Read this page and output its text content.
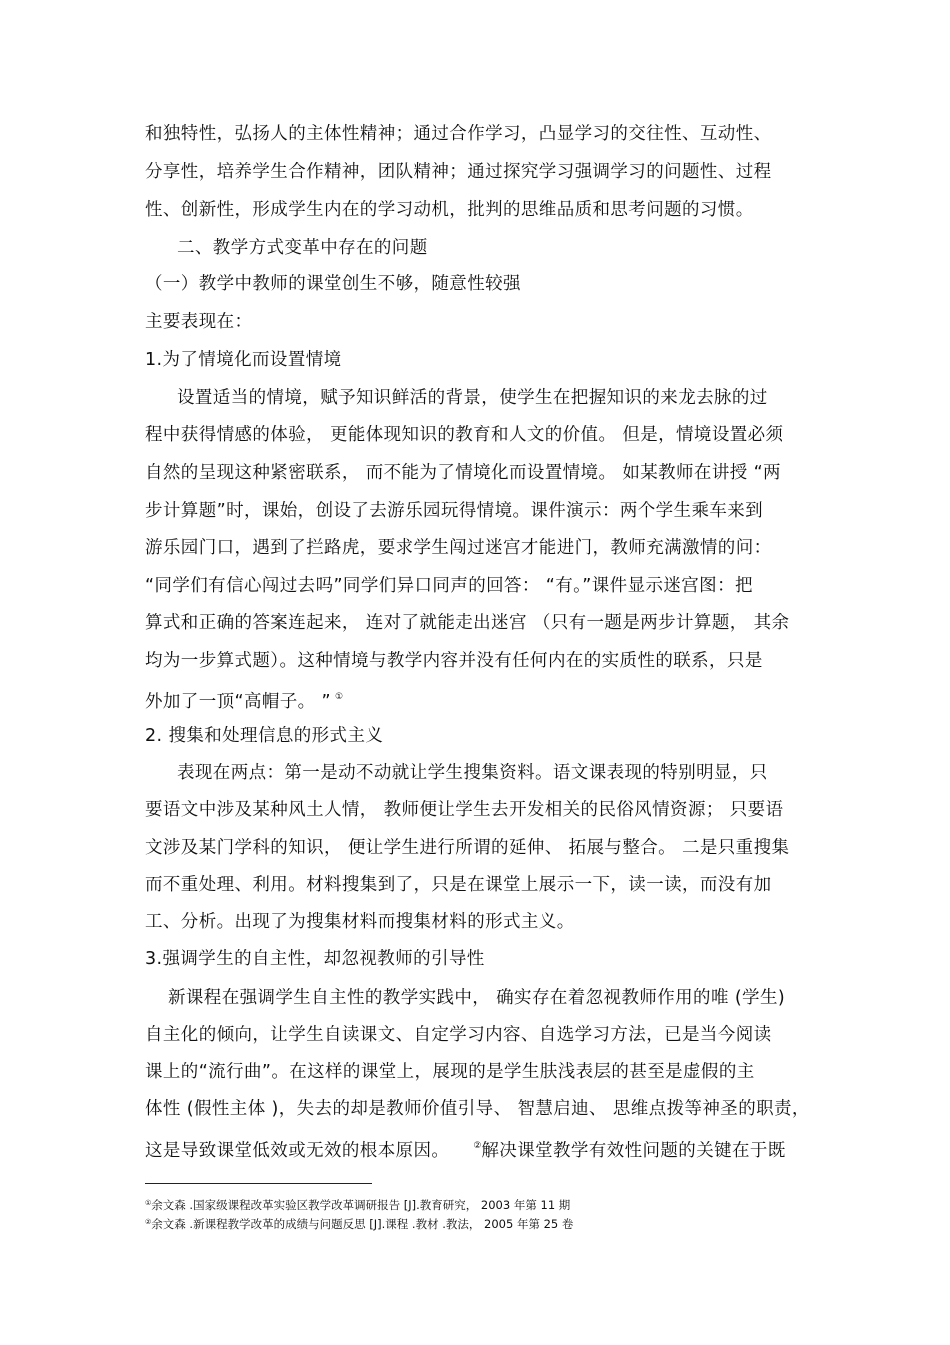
和独特性，弘扬人的主体性精神；通过合作学习，凸显学习的交往性、互动性、
分享性，培养学生合作精神，团队精神；通过探究学习强调学习的问题性、过程
性、创新性，形成学生内在的学习动机，批判的思维品质和思考问题的习惯。
二、教学方式变革中存在的问题
（一）教学中教师的课堂创生不够，随意性较强
主要表现在：
1.为了情境化而设置情境
设置适当的情境，赋予知识鲜活的背景，使学生在把握知识的来龙去脉的过
程中获得情感的体验， 更能体现知识的教育和人文的价值。 但是，情境设置必须
自然的呈现这种紧密联系， 而不能为了情境化而设置情境。 如某教师在讲授 “两
步计算题”时，课始，创设了去游乐园玩得情境。课件演示：两个学生乘车来到
游乐园门口，遇到了拦路虎，要求学生闯过迷宫才能进门，教师充满激情的问：
“同学们有信心闯过去吗”同学们异口同声的回答： “有。”课件显示迷宫图：把
算式和正确的答案连起来， 连对了就能走出迷宫 （只有一题是两步计算题， 其余
均为一步算式题）。这种情境与教学内容并没有任何内在的实质性的联系，只是
外加了一顶“高帽子。 ” ①
2. 搜集和处理信息的形式主义
表现在两点：第一是动不动就让学生搜集资料。语文课表现的特别明显，只
要语文中涉及某种风土人情， 教师便让学生去开发相关的民俗风情资源； 只要语
文涉及某门学科的知识， 便让学生进行所谓的延伸、 拓展与整合。 二是只重搜集
而不重处理、利用。材料搜集到了，只是在课堂上展示一下，读一读，而没有加
工、分析。出现了为搜集材料而搜集材料的形式主义。
3.强调学生的自主性，却忽视教师的引导性
新课程在强调学生自主性的教学实践中， 确实存在着忽视教师作用的唯 (学生)
自主化的倾向，让学生自读课文、自定学习内容、自选学习方法，已是当今阅读
课上的“流行曲”。在这样的课堂上，展现的是学生肤浅表层的甚至是虚假的主
体性 (假性主体 )，失去的却是教师价值引导、 智慧启迪、 思维点拨等神圣的职责，
这是导致课堂低效或无效的根本原因。	②解决课堂教学有效性问题的关键在于既
①余文森 .国家级课程改革实验区教学改革调研报告 [J].教育研究， 2003 年第 11 期
②余文森 .新课程教学改革的成绩与问题反思 [J].课程 .教材 .教法， 2005 年第 25 卷
